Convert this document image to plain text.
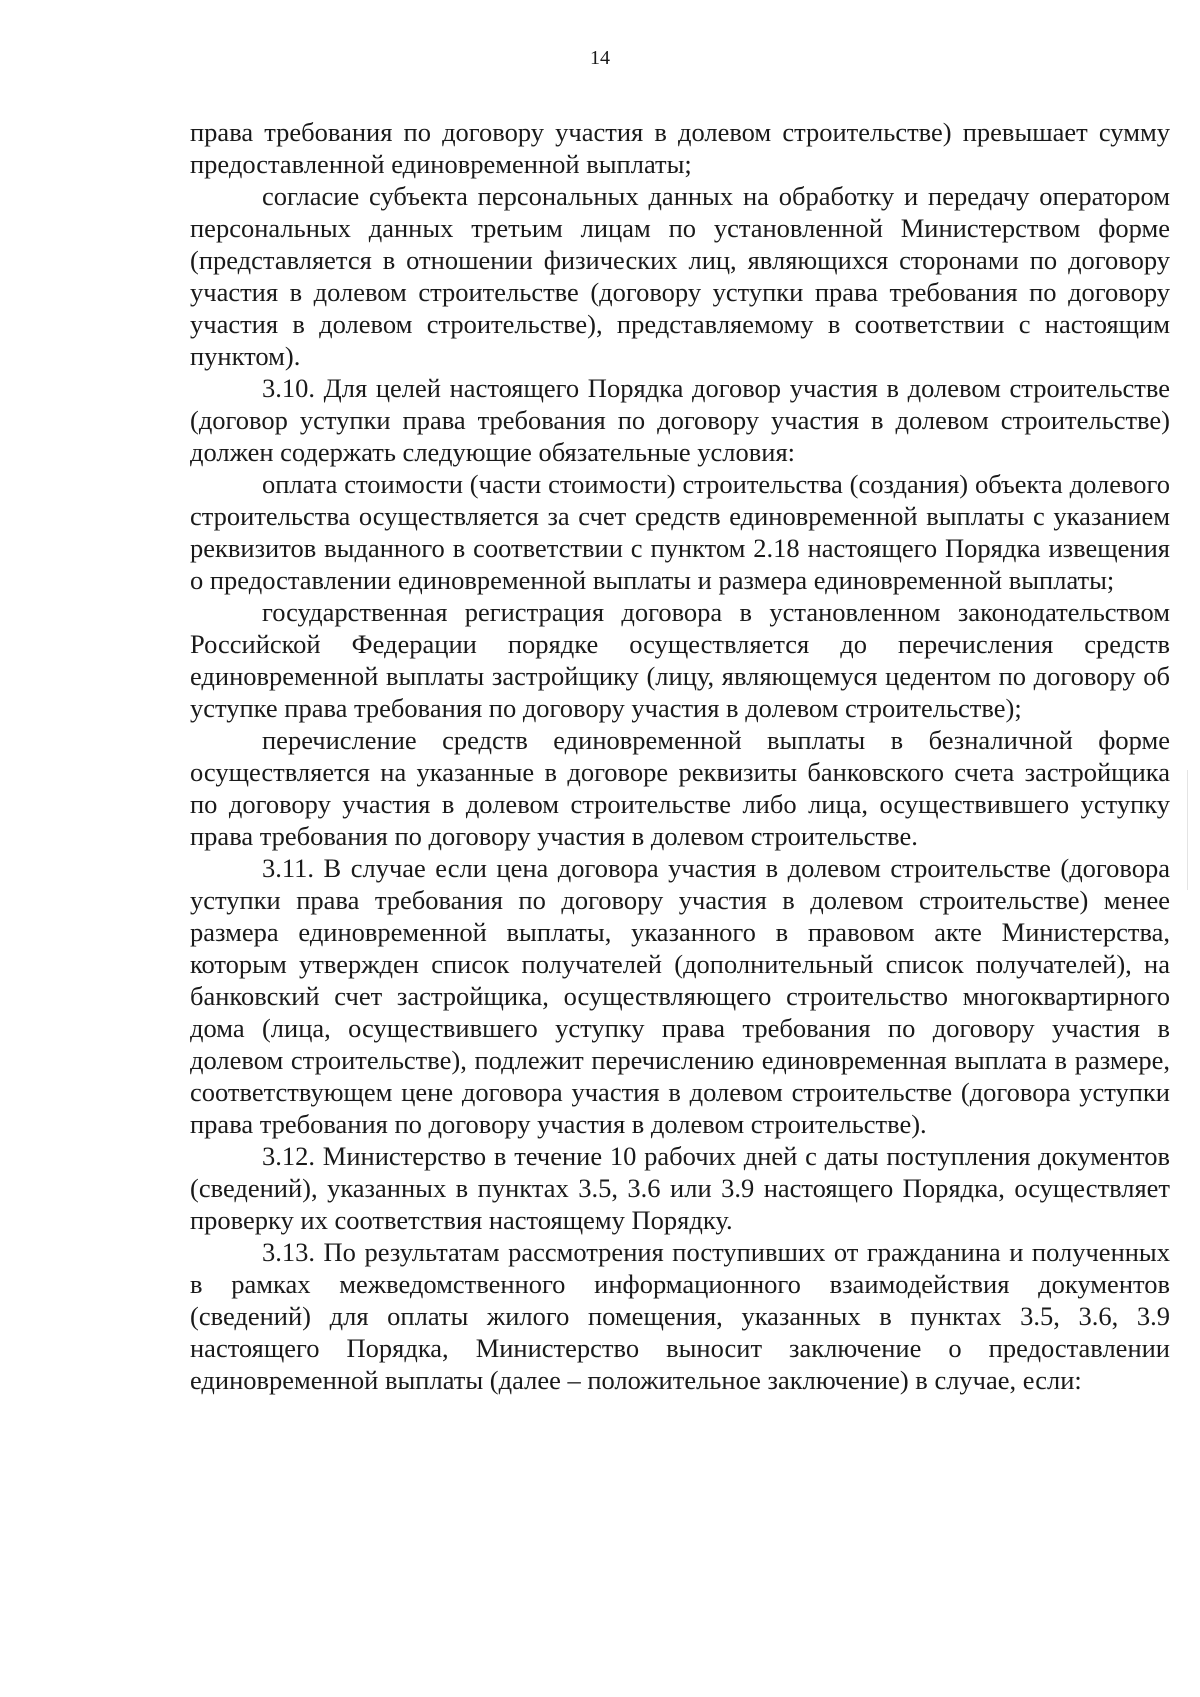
14

права требования по договору участия в долевом строительстве) превышает сумму предоставленной единовременной выплаты;

согласие субъекта персональных данных на обработку и передачу оператором персональных данных третьим лицам по установленной Министерством форме (представляется в отношении физических лиц, являющихся сторонами по договору участия в долевом строительстве (договору уступки права требования по договору участия в долевом строительстве), представляемому в соответствии с настоящим пунктом).

3.10. Для целей настоящего Порядка договор участия в долевом строительстве (договор уступки права требования по договору участия в долевом строительстве) должен содержать следующие обязательные условия:

оплата стоимости (части стоимости) строительства (создания) объекта долевого строительства осуществляется за счет средств единовременной выплаты с указанием реквизитов выданного в соответствии с пунктом 2.18 настоящего Порядка извещения о предоставлении единовременной выплаты и размера единовременной выплаты;

государственная регистрация договора в установленном законодательством Российской Федерации порядке осуществляется до перечисления средств единовременной выплаты застройщику (лицу, являющемуся цедентом по договору об уступке права требования по договору участия в долевом строительстве);

перечисление средств единовременной выплаты в безналичной форме осуществляется на указанные в договоре реквизиты банковского счета застройщика по договору участия в долевом строительстве либо лица, осуществившего уступку права требования по договору участия в долевом строительстве.

3.11. В случае если цена договора участия в долевом строительстве (договора уступки права требования по договору участия в долевом строительстве) менее размера единовременной выплаты, указанного в правовом акте Министерства, которым утвержден список получателей (дополнительный список получателей), на банковский счет застройщика, осуществляющего строительство многоквартирного дома (лица, осуществившего уступку права требования по договору участия в долевом строительстве), подлежит перечислению единовременная выплата в размере, соответствующем цене договора участия в долевом строительстве (договора уступки права требования по договору участия в долевом строительстве).

3.12. Министерство в течение 10 рабочих дней с даты поступления документов (сведений), указанных в пунктах 3.5, 3.6 или 3.9 настоящего Порядка, осуществляет проверку их соответствия настоящему Порядку.

3.13. По результатам рассмотрения поступивших от гражданина и полученных в рамках межведомственного информационного взаимодействия документов (сведений) для оплаты жилого помещения, указанных в пунктах 3.5, 3.6, 3.9 настоящего Порядка, Министерство выносит заключение о предоставлении единовременной выплаты (далее – положительное заключение) в случае, если:
